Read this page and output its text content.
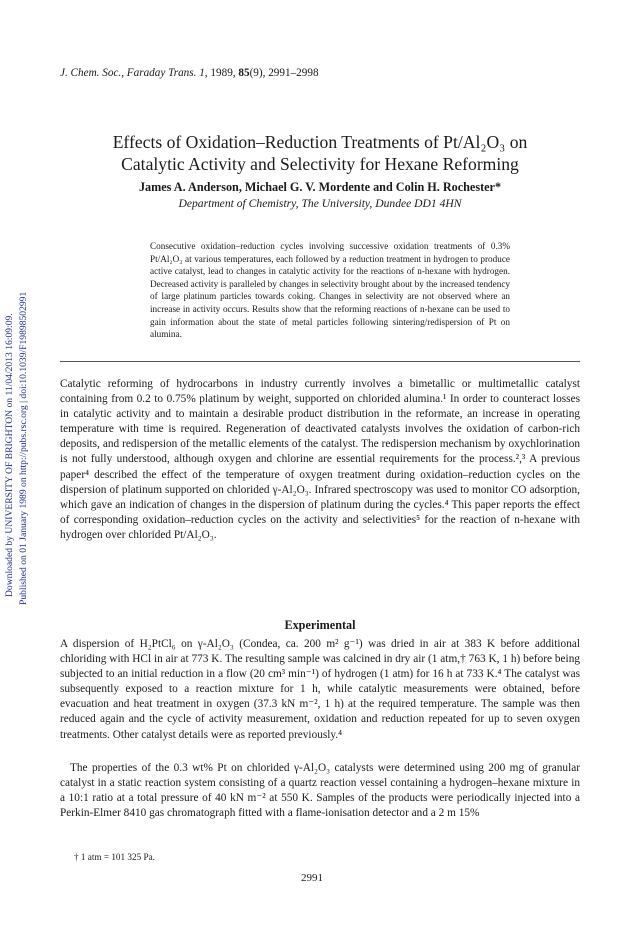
Downloaded by UNIVERSITY OF BRIGHTON on 11/04/2013 16:09:09. Published on 01 January 1989 on http://pubs.rsc.org | doi:10.1039/F19898502991
J. Chem. Soc., Faraday Trans. 1, 1989, 85(9), 2991–2998
Effects of Oxidation–Reduction Treatments of Pt/Al₂O₃ on
Catalytic Activity and Selectivity for Hexane Reforming
James A. Anderson, Michael G. V. Mordente and Colin H. Rochester*
Department of Chemistry, The University, Dundee DD1 4HN

Consecutive oxidation–reduction cycles involving successive oxidation treatments of 0.3% Pt/Al₂O₃ at various temperatures, each followed by a reduction treatment in hydrogen to produce active catalyst, lead to changes in catalytic activity for the reactions of n-hexane with hydrogen. Decreased activity is paralleled by changes in selectivity brought about by the increased tendency of large platinum particles towards coking. Changes in selectivity are not observed where an increase in activity occurs. Results show that the reforming reactions of n-hexane can be used to gain information about the state of metal particles following sintering/redispersion of Pt on alumina.

Catalytic reforming of hydrocarbons in industry currently involves a bimetallic or multimetallic catalyst containing from 0.2 to 0.75% platinum by weight, supported on chlorided alumina.¹ In order to counteract losses in catalytic activity and to maintain a desirable product distribution in the reformate, an increase in operating temperature with time is required. Regeneration of deactivated catalysts involves the oxidation of carbon-rich deposits, and redispersion of the metallic elements of the catalyst. The redispersion mechanism by oxychlorination is not fully understood, although oxygen and chlorine are essential requirements for the process.²,³ A previous paper⁴ described the effect of the temperature of oxygen treatment during oxidation–reduction cycles on the dispersion of platinum supported on chlorided γ-Al₂O₃. Infrared spectroscopy was used to monitor CO adsorption, which gave an indication of changes in the dispersion of platinum during the cycles.⁴ This paper reports the effect of corresponding oxidation–reduction cycles on the activity and selectivities⁵ for the reaction of n-hexane with hydrogen over chlorided Pt/Al₂O₃.

Experimental

A dispersion of H₂PtCl₆ on γ-Al₂O₃ (Condea, ca. 200 m² g⁻¹) was dried in air at 383 K before additional chloriding with HCl in air at 773 K. The resulting sample was calcined in dry air (1 atm,† 763 K, 1 h) before being subjected to an initial reduction in a flow (20 cm³ min⁻¹) of hydrogen (1 atm) for 16 h at 733 K.⁴ The catalyst was subsequently exposed to a reaction mixture for 1 h, while catalytic measurements were obtained, before evacuation and heat treatment in oxygen (37.3 kN m⁻², 1 h) at the required temperature. The sample was then reduced again and the cycle of activity measurement, oxidation and reduction repeated for up to seven oxygen treatments. Other catalyst details were as reported previously.⁴

The properties of the 0.3 wt% Pt on chlorided γ-Al₂O₃ catalysts were determined using 200 mg of granular catalyst in a static reaction system consisting of a quartz reaction vessel containing a hydrogen–hexane mixture in a 10:1 ratio at a total pressure of 40 kN m⁻² at 550 K. Samples of the products were periodically injected into a Perkin-Elmer 8410 gas chromatograph fitted with a flame-ionisation detector and a 2 m 15%

† 1 atm = 101 325 Pa.
2991
